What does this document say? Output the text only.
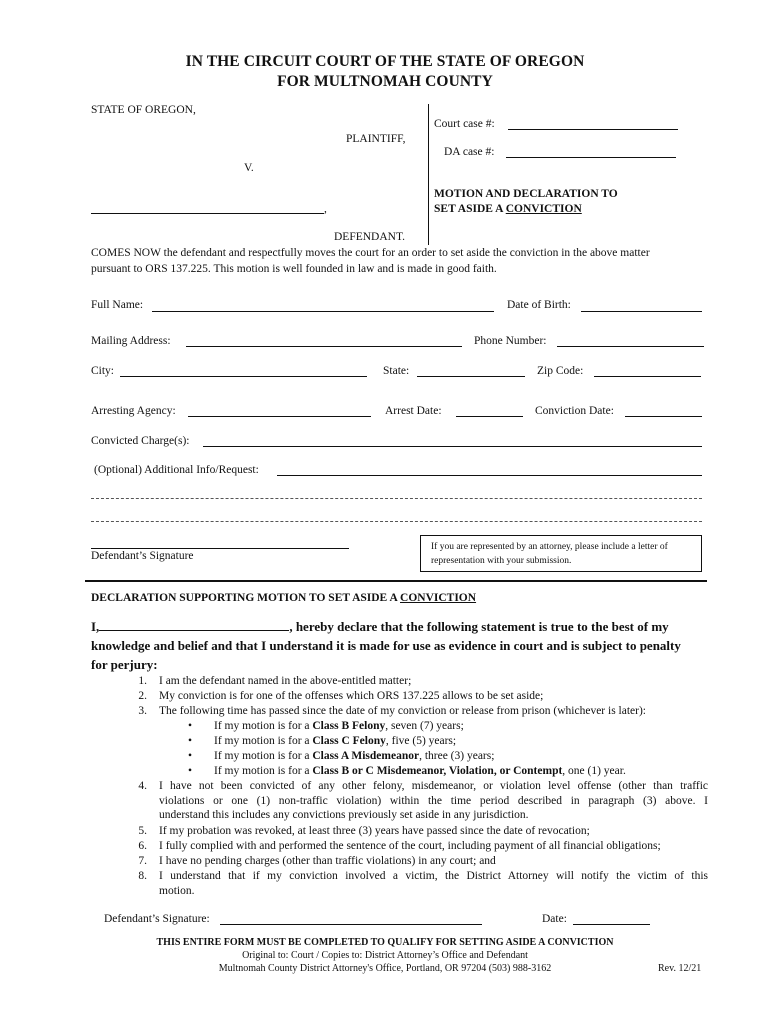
IN THE CIRCUIT COURT OF THE STATE OF OREGON
FOR MULTNOMAH COUNTY
STATE OF OREGON,
PLAINTIFF,
V.
,
DEFENDANT.
Court case #:
DA case #:
MOTION AND DECLARATION TO
SET ASIDE A CONVICTION
COMES NOW the defendant and respectfully moves the court for an order to set aside the conviction in the above matter
pursuant to ORS 137.225. This motion is well founded in law and is made in good faith.
Full Name:	Date of Birth:
Mailing Address:	Phone Number:
City:	State:	Zip Code:
Arresting Agency:	Arrest Date:	Conviction Date:
Convicted Charge(s):
(Optional) Additional Info/Request:
Defendant’s Signature
If you are represented by an attorney, please include a letter of
representation with your submission.
DECLARATION SUPPORTING MOTION TO SET ASIDE A CONVICTION
I,	, hereby declare that the following statement is true to the best of my
knowledge and belief and that I understand it is made for use as evidence in court and is subject to penalty
for perjury:
1. I am the defendant named in the above-entitled matter;
2. My conviction is for one of the offenses which ORS 137.225 allows to be set aside;
3. The following time has passed since the date of my conviction or release from prison (whichever is later):
• If my motion is for a Class B Felony, seven (7) years;
• If my motion is for a Class C Felony, five (5) years;
• If my motion is for a Class A Misdemeanor, three (3) years;
• If my motion is for a Class B or C Misdemeanor, Violation, or Contempt, one (1) year.
4. I have not been convicted of any other felony, misdemeanor, or violation level offense (other than traffic
violations or one (1) non-traffic violation) within the time period described in paragraph (3) above. I
understand this includes any convictions previously set aside in any jurisdiction.
5. If my probation was revoked, at least three (3) years have passed since the date of revocation;
6. I fully complied with and performed the sentence of the court, including payment of all financial obligations;
7. I have no pending charges (other than traffic violations) in any court; and
8. I understand that if my conviction involved a victim, the District Attorney will notify the victim of this
motion.
Defendant’s Signature:	Date:
THIS ENTIRE FORM MUST BE COMPLETED TO QUALIFY FOR SETTING ASIDE A CONVICTION
Original to: Court / Copies to: District Attorney’s Office and Defendant
Multnomah County District Attorney's Office, Portland, OR 97204 (503) 988-3162	Rev. 12/21
